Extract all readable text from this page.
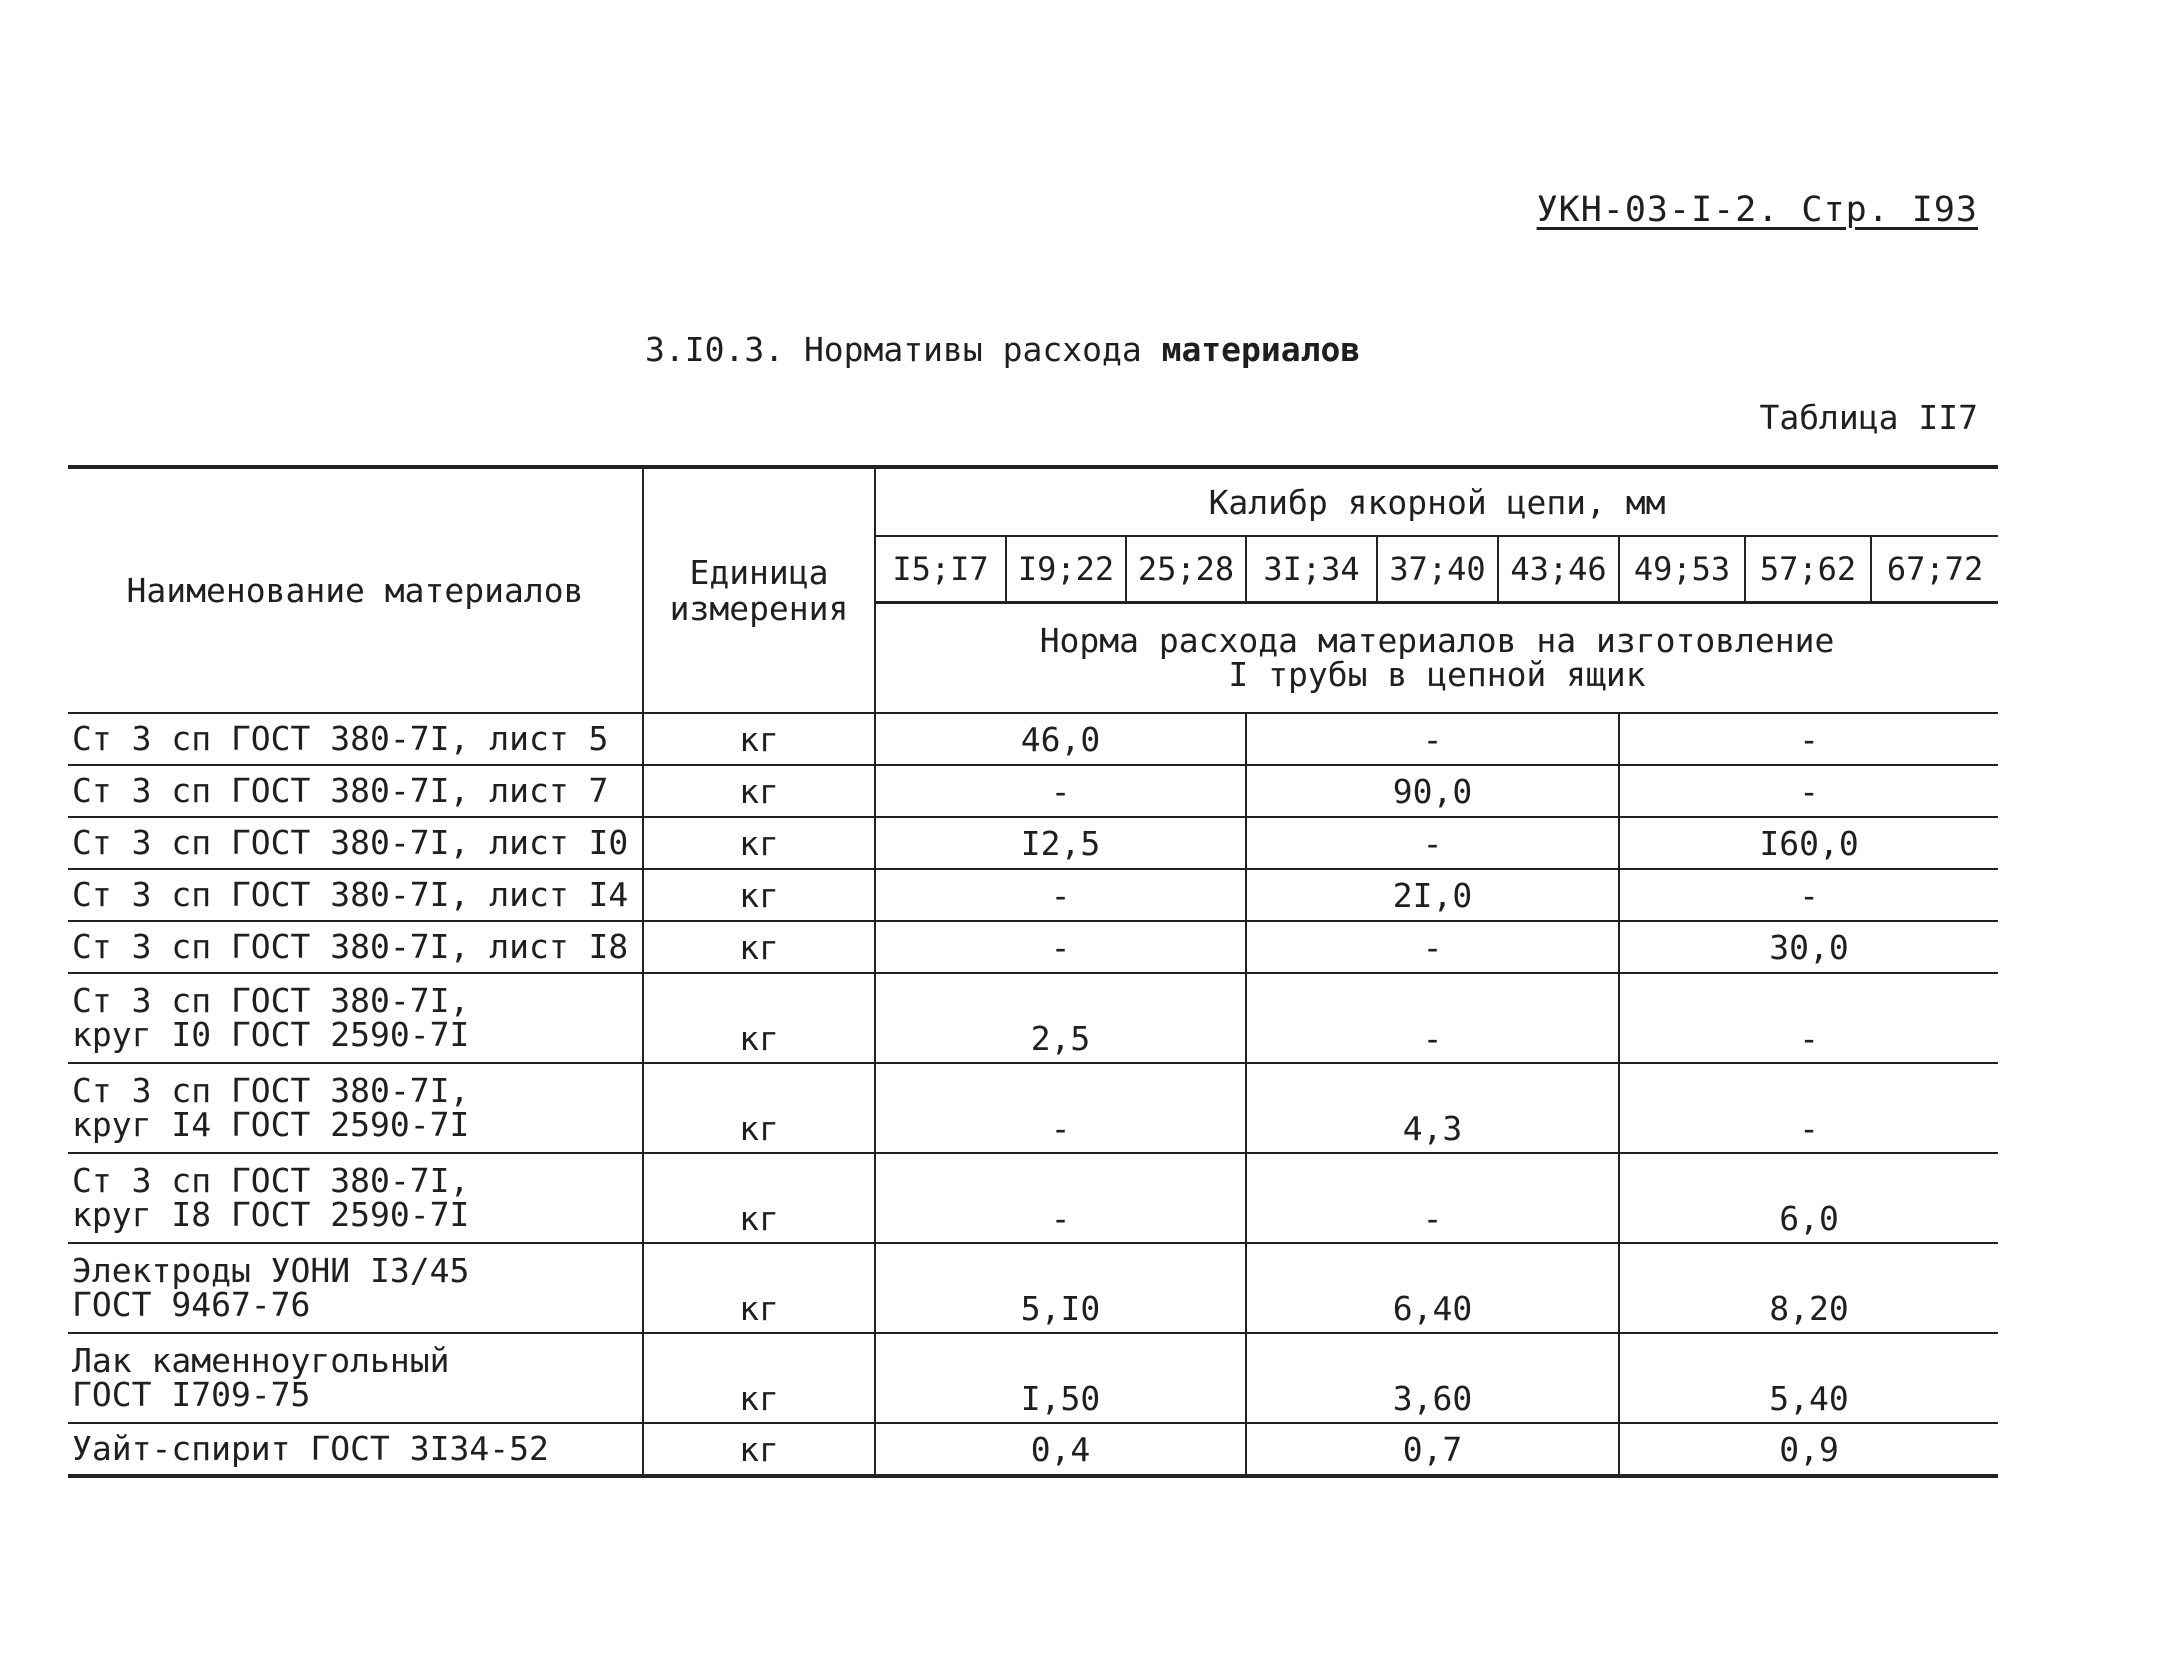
УКН-03-I-2. Стр. I93
3.I0.3. Нормативы расхода материалов
Таблица II7
Наименование материалов	Единица измерения	Калибр якорной цепи, мм								
		I5;I7	I9;22	25;28	3I;34	37;40	43;46	49;53	57;62	67;72

		Норма расхода материалов на изготовление
I трубы в цепной ящик								

Ст 3 сп ГОСТ 380-7I, лист 5	кг	46,0			-			-		

Ст 3 сп ГОСТ 380-7I, лист 7	кг	-			90,0			-		

Ст 3 сп ГОСТ 380-7I, лист I0	кг	I2,5			-			I60,0		

Ст 3 сп ГОСТ 380-7I, лист I4	кг	-			2I,0			-		

Ст 3 сп ГОСТ 380-7I, лист I8	кг	-			-			30,0		

Ст 3 сп ГОСТ 380-7I,
круг I0 ГОСТ 2590-7I	кг	2,5			-			-		

Ст 3 сп ГОСТ 380-7I,
круг I4 ГОСТ 2590-7I	кг	-			4,3			-		

Ст 3 сп ГОСТ 380-7I,
круг I8 ГОСТ 2590-7I	кг	-			-			6,0		

Электроды УОНИ I3/45
ГОСТ 9467-76	кг	5,I0			6,40			8,20		

Лак каменноугольный
ГОСТ I709-75	кг	I,50			3,60			5,40		

Уайт-спирит ГОСТ 3I34-52	кг	0,4			0,7			0,9		
